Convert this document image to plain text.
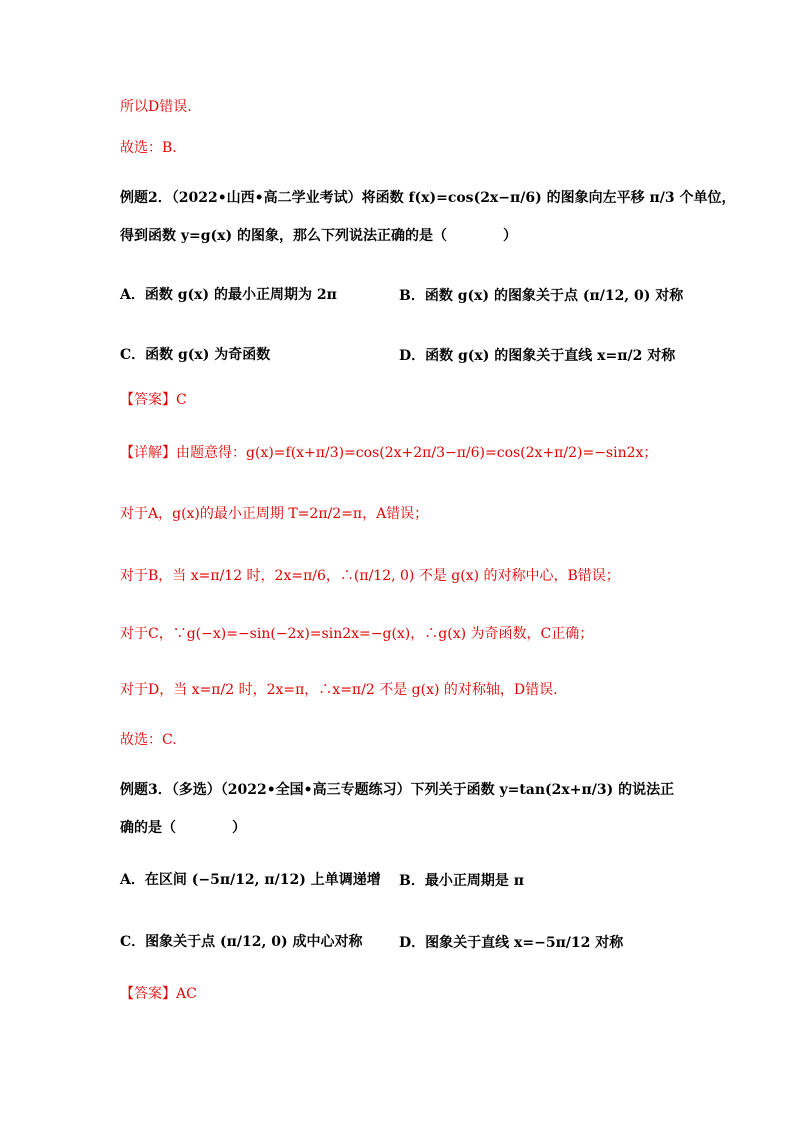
所以D错误.
故选：B.
例题2．（2022•山西•高二学业考试）将函数 f(x)=cos(2x−π/6) 的图象向左平移 π/3 个单位，
得到函数 y=g(x) 的图象，那么下列说法正确的是（　　　　）
A．函数 g(x) 的最小正周期为 2π	B．函数 g(x) 的图象关于点 (π/12, 0) 对称
C．函数 g(x) 为奇函数	D．函数 g(x) 的图象关于直线 x=π/2 对称
【答案】C
【详解】由题意得：g(x)=f(x+π/3)=cos(2x+2π/3−π/6)=cos(2x+π/2)=−sin2x；
对于A，g(x)的最小正周期 T=2π/2=π，A错误；
对于B，当 x=π/12 时，2x=π/6，∴(π/12, 0) 不是 g(x) 的对称中心，B错误；
对于C，∵g(−x)=−sin(−2x)=sin2x=−g(x)，∴g(x) 为奇函数，C正确；
对于D，当 x=π/2 时，2x=π，∴x=π/2 不是 g(x) 的对称轴，D错误.
故选：C.
例题3．（多选）（2022•全国•高三专题练习）下列关于函数 y=tan(2x+π/3) 的说法正
确的是（　　　　）
A．在区间 (−5π/12, π/12) 上单调递增 B．最小正周期是 π
C．图象关于点 (π/12, 0) 成中心对称	D．图象关于直线 x=−5π/12 对称
【答案】AC
